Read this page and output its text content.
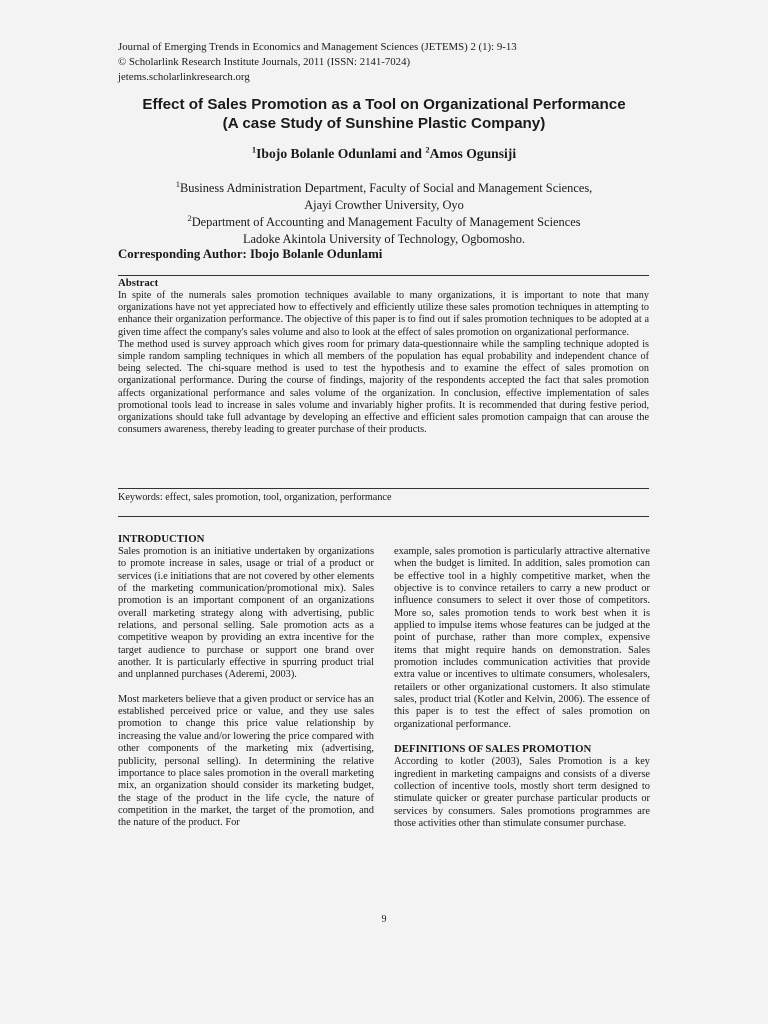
Journal of Emerging Trends in Economics and Management Sciences (JETEMS) 2 (1): 9-13
© Scholarlink Research Institute Journals, 2011 (ISSN: 2141-7024)
jetems.scholarlinkresearch.org
Effect of Sales Promotion as a Tool on Organizational Performance
(A case Study of Sunshine Plastic Company)
$^1$Ibojo Bolanle Odunlami and $^2$Amos Ogunsiji
$^1$Business Administration Department, Faculty of Social and Management Sciences,
Ajayi Crowther University, Oyo
$^2$Department of Accounting and Management Faculty of Management Sciences
Ladoke Akintola University of Technology, Ogbomosho.
Corresponding Author: Ibojo Bolanle Odunlami
Abstract

In spite of the numerals sales promotion techniques available to many organizations, it is important to note that many organizations have not yet appreciated how to effectively and efficiently utilize these sales promotion techniques in attempting to enhance their organization performance. The objective of this paper is to find out if sales promotion techniques to be adopted at a given time affect the company's sales volume and also to look at the effect of sales promotion on organizational performance.

The method used is survey approach which gives room for primary data-questionnaire while the sampling technique adopted is simple random sampling techniques in which all members of the population has equal probability and independent chance of being selected. The chi-square method is used to test the hypothesis and to examine the effect of sales promotion on organizational performance. During the course of findings, majority of the respondents accepted the fact that sales promotion affects organizational performance and sales volume of the organization. In conclusion, effective implementation of sales promotional tools lead to increase in sales volume and invariably higher profits. It is recommended that during festive period, organizations should take full advantage by developing an effective and efficient sales promotion campaign that can arouse the consumers awareness, thereby leading to greater purchase of their products.

Keywords: effect, sales promotion, tool, organization, performance
INTRODUCTION

Sales promotion is an initiative undertaken by organizations to promote increase in sales, usage or trial of a product or services (i.e initiations that are not covered by other elements of the marketing communication/promotional mix). Sales promotion is an important component of an organizations overall marketing strategy along with advertising, public relations, and personal selling. Sale promotion acts as a competitive weapon by providing an extra incentive for the target audience to purchase or support one brand over another. It is particularly effective in spurring product trial and unplanned purchases (Aderemi, 2003).

Most marketers believe that a given product or service has an established perceived price or value, and they use sales promotion to change this price value relationship by increasing the value and/or lowering the price compared with other components of the marketing mix (advertising, publicity, personal selling). In determining the relative importance to place sales promotion in the overall marketing mix, an organization should consider its marketing budget, the stage of the product in the life cycle, the nature of competition in the market, the target of the promotion, and the nature of the product. For

example, sales promotion is particularly attractive alternative when the budget is limited. In addition, sales promotion can be effective tool in a highly competitive market, when the objective is to convince retailers to carry a new product or influence consumers to select it over those of competitors. More so, sales promotion tends to work best when it is applied to impulse items whose features can be judged at the point of purchase, rather than more complex, expensive items that might require hands on demonstration. Sales promotion includes communication activities that provide extra value or incentives to ultimate consumers, wholesalers, retailers or other organizational customers. It also stimulate sales, product trial (Kotler and Kelvin, 2006). The essence of this paper is to test the effect of sales promotion on organizational performance.

DEFINITIONS OF SALES PROMOTION

According to kotler (2003), Sales Promotion is a key ingredient in marketing campaigns and consists of a diverse collection of incentive tools, mostly short term designed to stimulate quicker or greater purchase particular products or services by consumers. Sales promotions programmes are those activities other than stimulate consumer purchase.

9
